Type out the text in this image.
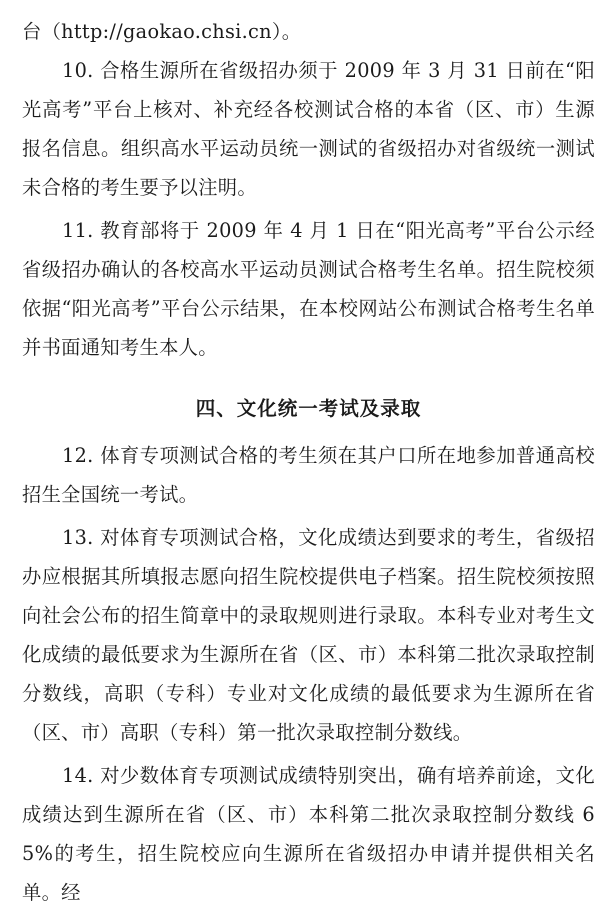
台（http://gaokao.chsi.cn）。

10. 合格生源所在省级招办须于 2009 年 3 月 31 日前在“阳光高考”平台上核对、补充经各校测试合格的本省（区、市）生源报名信息。组织高水平运动员统一测试的省级招办对省级统一测试未合格的考生要予以注明。

11. 教育部将于 2009 年 4 月 1 日在“阳光高考”平台公示经省级招办确认的各校高水平运动员测试合格考生名单。招生院校须依据“阳光高考”平台公示结果，在本校网站公布测试合格考生名单并书面通知考生本人。

四、文化统一考试及录取

12. 体育专项测试合格的考生须在其户口所在地参加普通高校招生全国统一考试。

13. 对体育专项测试合格，文化成绩达到要求的考生，省级招办应根据其所填报志愿向招生院校提供电子档案。招生院校须按照向社会公布的招生简章中的录取规则进行录取。本科专业对考生文化成绩的最低要求为生源所在省（区、市）本科第二批次录取控制分数线，高职（专科）专业对文化成绩的最低要求为生源所在省（区、市）高职（专科）第一批次录取控制分数线。

14. 对少数体育专项测试成绩特别突出，确有培养前途，文化成绩达到生源所在省（区、市）本科第二批次录取控制分数线 65%的考生，招生院校应向生源所在省级招办申请并提供相关名单。经
